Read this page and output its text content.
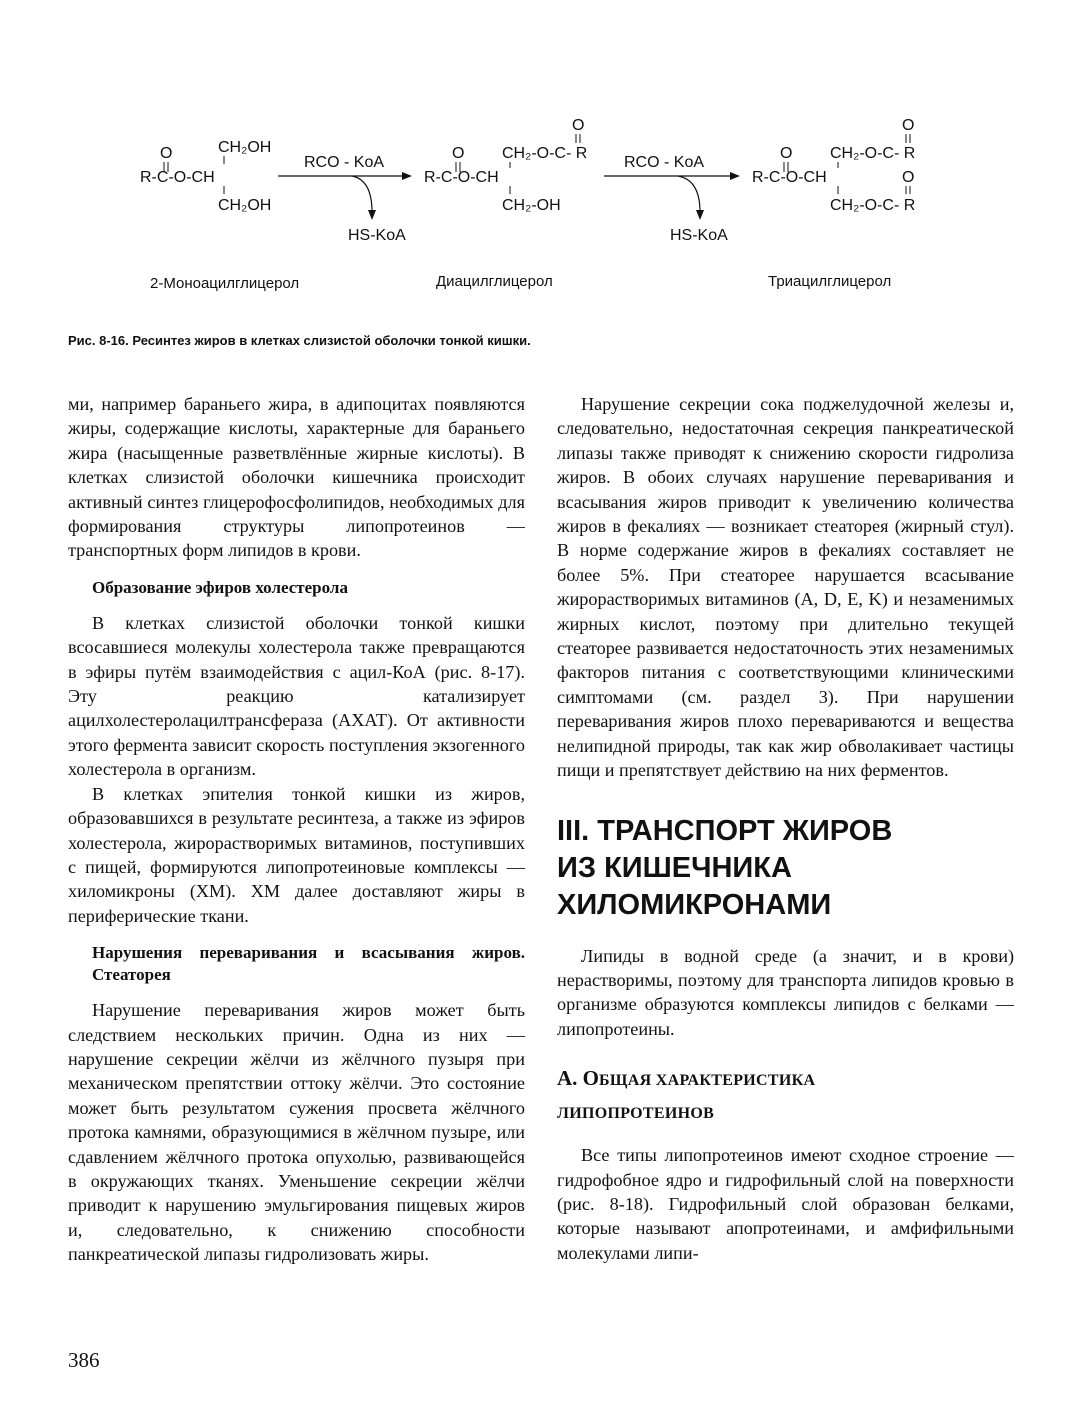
O	CH₂OH
R-C-O-CH
CH₂OH
2-Моноацилглицерол
RCO - KoA
HS-KoA
O
O CH₂-O-C- R
R-C-O-CH
CH₂-OH
Диацилглицерол
RCO - KoA
HS-KoA
O
O CH₂-O-C- R
R-C-O-CH	O
CH₂-O-C- R
Триацилглицерол
Рис. 8-16. Ресинтез жиров в клетках слизистой оболочки тонкой кишки.

ми, например бараньего жира, в адипоцитах появляются жиры, содержащие кислоты, характерные для бараньего жира (насыщенные разветвлённые жирные кислоты). В клетках слизистой оболочки кишечника происходит активный синтез глицерофосфолипидов, необходимых для формирования структуры липопротеинов — транспортных форм липидов в крови.

Образование эфиров холестерола

В клетках слизистой оболочки тонкой кишки всосавшиеся молекулы холестерола также превращаются в эфиры путём взаимодействия с ацил-КоА (рис. 8-17). Эту реакцию катализирует ацилхолестеролацилтрансфераза (АХАТ). От активности этого фермента зависит скорость поступления экзогенного холестерола в организм.

В клетках эпителия тонкой кишки из жиров, образовавшихся в результате ресинтеза, а также из эфиров холестерола, жирорастворимых витаминов, поступивших с пищей, формируются липопротеиновые комплексы — хиломикроны (ХМ). ХМ далее доставляют жиры в периферические ткани.

Нарушения переваривания и всасывания жиров. Стеаторея

Нарушение переваривания жиров может быть следствием нескольких причин. Одна из них — нарушение секреции жёлчи из жёлчного пузыря при механическом препятствии оттоку жёлчи. Это состояние может быть результатом сужения просвета жёлчного протока камнями, образующимися в жёлчном пузыре, или сдавлением жёлчного протока опухолью, развивающейся в окружающих тканях. Уменьшение секреции жёлчи приводит к нарушению эмульгирования пищевых жиров и, следовательно, к снижению способности панкреатической липазы гидролизовать жиры.

Нарушение секреции сока поджелудочной железы и, следовательно, недостаточная секреция панкреатической липазы также приводят к снижению скорости гидролиза жиров. В обоих случаях нарушение переваривания и всасывания жиров приводит к увеличению количества жиров в фекалиях — возникает стеаторея (жирный стул). В норме содержание жиров в фекалиях составляет не более 5%. При стеаторее нарушается всасывание жирорастворимых витаминов (A, D, E, K) и незаменимых жирных кислот, поэтому при длительно текущей стеаторее развивается недостаточность этих незаменимых факторов питания с соответствующими клиническими симптомами (см. раздел 3). При нарушении переваривания жиров плохо перевариваются и вещества нелипидной природы, так как жир обволакивает частицы пищи и препятствует действию на них ферментов.

III. ТРАНСПОРТ ЖИРОВ

ИЗ КИШЕЧНИКА

ХИЛОМИКРОНАМИ

Липиды в водной среде (а значит, и в крови) нерастворимы, поэтому для транспорта липидов кровью в организме образуются комплексы липидов с белками — липопротеины.

А. ОБЩАЯ ХАРАКТЕРИСТИКА

ЛИПОПРОТЕИНОВ

Все типы липопротеинов имеют сходное строение — гидрофобное ядро и гидрофильный слой на поверхности (рис. 8-18). Гидрофильный слой образован белками, которые называют апопротеинами, и амфифильными молекулами липи-

386
